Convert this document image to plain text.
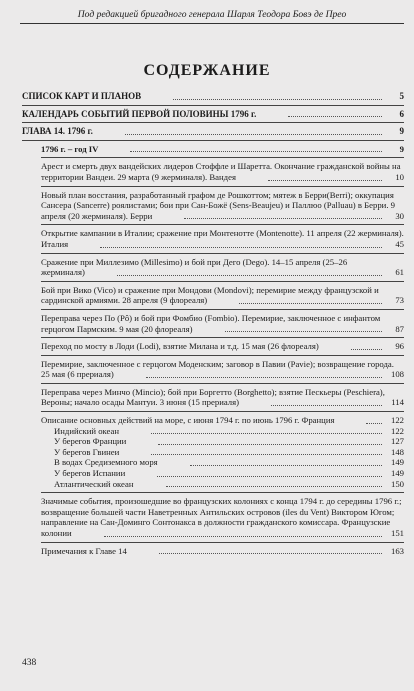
Под редакцией бригадного генерала Шарля Теодора Бовэ де Прео
СОДЕРЖАНИЕ
СПИСОК КАРТ И ПЛАНОВ	5
КАЛЕНДАРЬ СОБЫТИЙ ПЕРВОЙ ПОЛОВИНЫ 1796 г.	6
ГЛАВА 14. 1796 г.	9
1796 г. – год IV	9
Арест и смерть двух вандейских лидеров Стоффле и Шаретта. Окончание гражданской войны на территории Вандеи. 29 марта (9 жерминаля). Вандея	10
Новый план восстания, разработанный графом де Рошкоттом; мятеж в Берри(Berri); оккупация Сансера (Sancerre) роялистами; бои при Сан-Божё (Sens-Beaujeu) и Паллюо (Palluau) в Берри. 9 апреля (20 жерминаля). Берри	30
Открытие кампании в Италии; сражение при Монтенотте (Montenotte). 11 апреля (22 жерминаля). Италия	45
Сражение при Миллезимо (Millesimo) и бой при Дего (Dego). 14–15 апреля (25–26 жерминаля)	61
Бой при Вико (Vico) и сражение при Мондови (Mondovi); перемирие между французской и сардинской армиями. 28 апреля (9 флореаля)	73
Переправа через По (Pô) и бой при Фомбио (Fombio). Перемирие, заключенное с инфантом герцогом Пармским. 9 мая (20 флореаля)	87
Переход по мосту в Лоди (Lodi), взятие Милана и т.д. 15 мая (26 флореаля)	96
Перемирие, заключенное с герцогом Моденским; заговор в Павии (Pavie); возвращение города. 25 мая (6 прериаля)	108
Переправа через Минчо (Mincio); бой при Боргетто (Borghetto); взятие Пескьеры (Peschiera), Вероны; начало осады Мантуи. 3 июня (15 прериаля)	114
Описание основных действий на море, с июня 1794 г. по июнь 1796 г. Франция	122
Индийский океан	122
У берегов Франции	127
У берегов Гвинеи	148
В водах Средиземного моря	149
У берегов Испании	149
Атлантический океан	150
Значимые события, произошедшие во французских колониях с конца 1794 г. до середины 1796 г.; возвращение большей части Наветренных Антильских островов (iles du Vent) Виктором Югом; направление на Сан-Доминго Сонтонакса в должности гражданского комиссара. Французские колонии	151
Примечания к Главе 14	163
438
